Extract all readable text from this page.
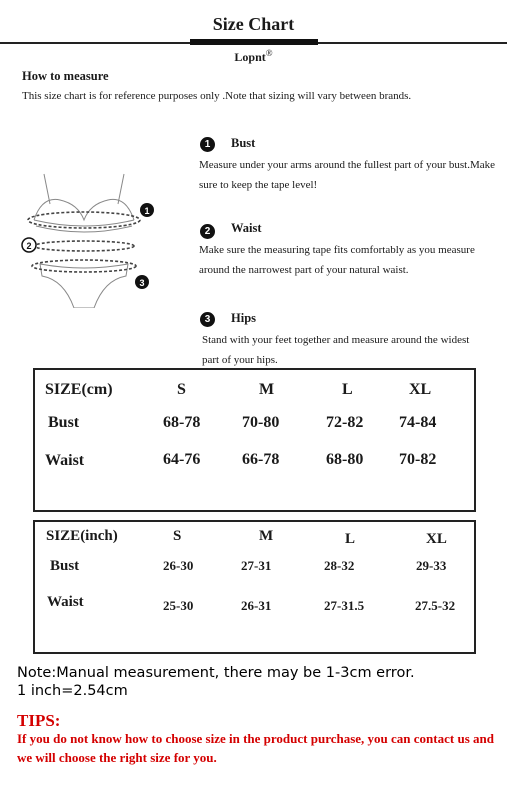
Size Chart
Lopnt®
How to measure
This size chart is for reference purposes only .Note that sizing will vary between brands.
1
2
3
1	Bust
Measure under your arms around the fullest part of your bust.Make sure to keep the tape level!
2	Waist
Make sure the measuring tape fits comfortably as you measure around the narrowest part of your natural waist.
3	Hips
Stand with your feet together and measure around the widest part of your hips.
SIZE(cm)	S	M	L	XL
Bust	68-78	70-80	72-82 74-84
Waist	64-76	66-78	68-80 70-82
SIZE(inch)	S	M	L	XL
Bust	26-30	27-31	28-32	29-33
Waist	25-30	26-31	27-31.5	27.5-32
Note:Manual measurement, there may be 1-3cm error.
1 inch=2.54cm
TIPS:
If you do not know how to choose size in the product purchase, you can contact us and we will choose the right size for you.
